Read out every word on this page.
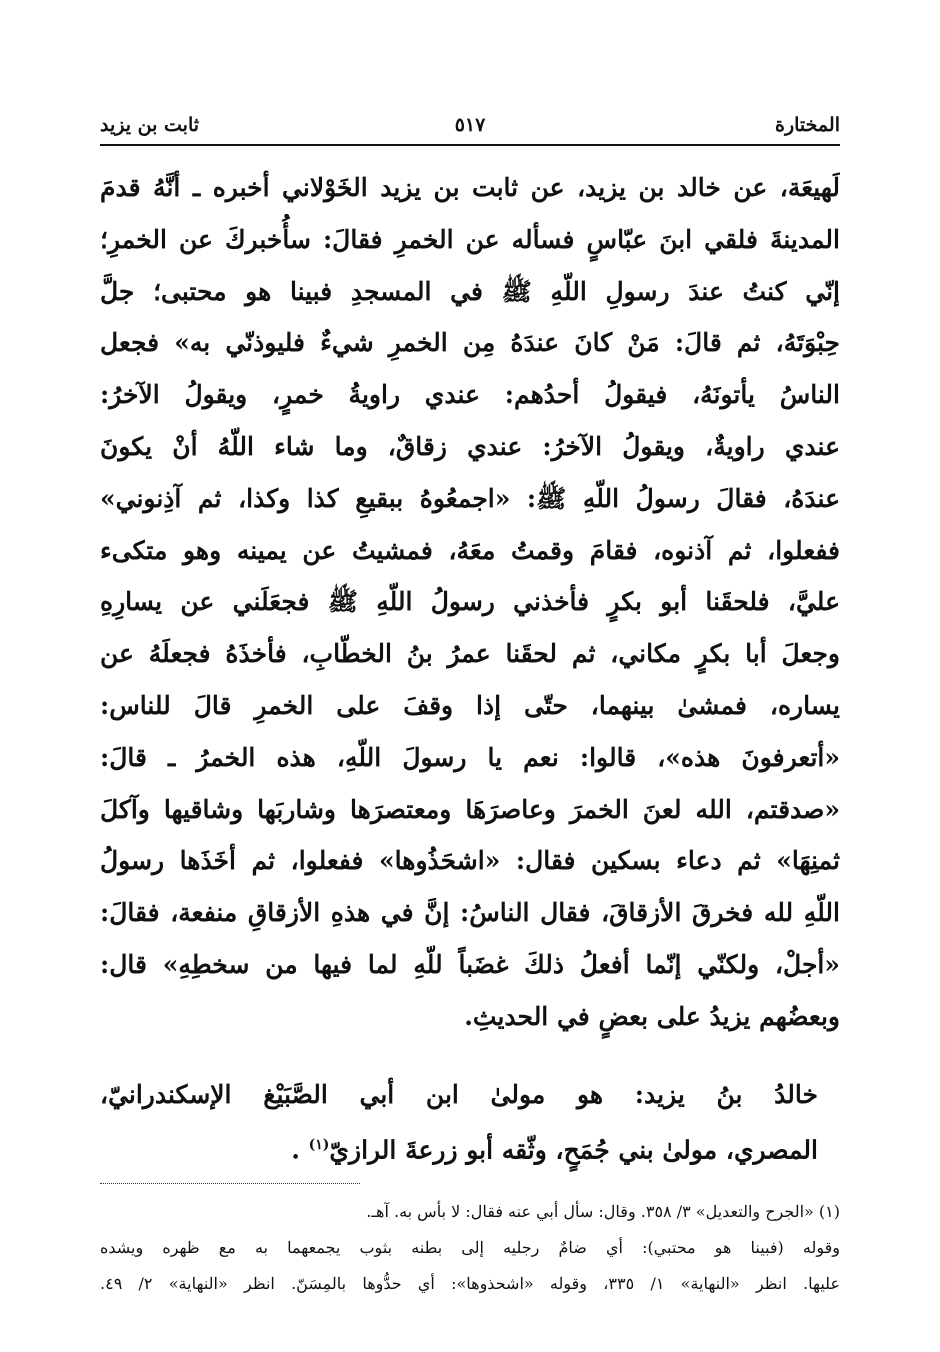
المختارة
٥١٧
ثابت بن يزيد
لَهيعَة، عن خالد بن يزيد، عن ثابت بن يزيد الخَوْلاني أخبره ـ أنَّهُ قدمَ
المدينةَ فلقي ابنَ عبّاسٍ فسأله عن الخمرِ فقالَ: سأُخبركَ عن الخمرِ؛
إنّي كنتُ عندَ رسولِ اللّهِ ﷺ في المسجدِ فبينا هو محتبى؛ جلَّ
حِبْوَتَهُ، ثم قالَ: مَنْ كانَ عندَهُ مِن الخمرِ شيءٌ فليوذنّي به» فجعل
الناسُ يأتونَهُ، فيقولُ أحدُهم: عندي راويةُ خمرٍ، ويقولُ الآخرُ:
عندي راويةٌ، ويقولُ الآخرُ: عندي زقاقٌ، وما شاء اللّهُ أنْ يكونَ
عندَهُ، فقالَ رسولُ اللّهِ ﷺ: «اجمعُوهُ ببقيعِ كذا وكذا، ثم آذِنوني»
ففعلوا، ثم آذنوه، فقامَ وقمتُ معَهُ، فمشيتُ عن يمينه وهو متكىء
عليَّ، فلحقَنا أبو بكرٍ فأخذني رسولُ اللّهِ ﷺ فجعَلَني عن يسارِهِ
وجعلَ أبا بكرٍ مكاني، ثم لحقَنا عمرُ بنُ الخطّابِ، فأخذَهُ فجعلَهُ عن
يساره، فمشىٰ بينهما، حتّى إذا وقفَ على الخمرِ قالَ للناس:
«أتعرفونَ هذه»، قالوا: نعم يا رسولَ اللّهِ، هذه الخمرُ ـ قالَ:
«صدقتم، الله لعنَ الخمرَ وعاصرَهَا ومعتصرَها وشاربَها وشاقيها وآكلَ
ثمنِهَا» ثم دعاء بسكين فقال: «اشحَذُوها» ففعلوا، ثم أخَذَها رسولُ
اللّهِ لله فخرقَ الأزقاقَ، فقال الناسُ: إنَّ في هذهِ الأزقاقِ منفعة، فقالَ:
«أجلْ، ولكنّي إنّما أفعلُ ذلكَ غضَباً للّهِ لما فيها من سخطِهِ» قال:
وبعضُهم يزيدُ على بعضٍ في الحديثِ.
خالدُ بنُ يزيد: هو مولىٰ ابن أبي الصَّبَيْغ الإسكندرانيّ،
المصري، مولىٰ بني جُمَحٍ، وثّقه أبو زرعةَ الرازيّ$^{(١)}$ .
(١) «الجرح والتعديل» ٣/ ٣٥٨. وقال: سأل أبي عنه فقال: لا بأس به. آهـ.
وقوله (فبينا هو محتبي): أي ضامٌ رجليه إلى بطنه بثوب يجمعهما به مع ظهره ويشده
عليها. انظر «النهاية» ١/ ٣٣٥، وقوله «اشحذوها»: أي حدُّوها بالمِسَنّ. انظر «النهاية» ٢/ ٤٩.
